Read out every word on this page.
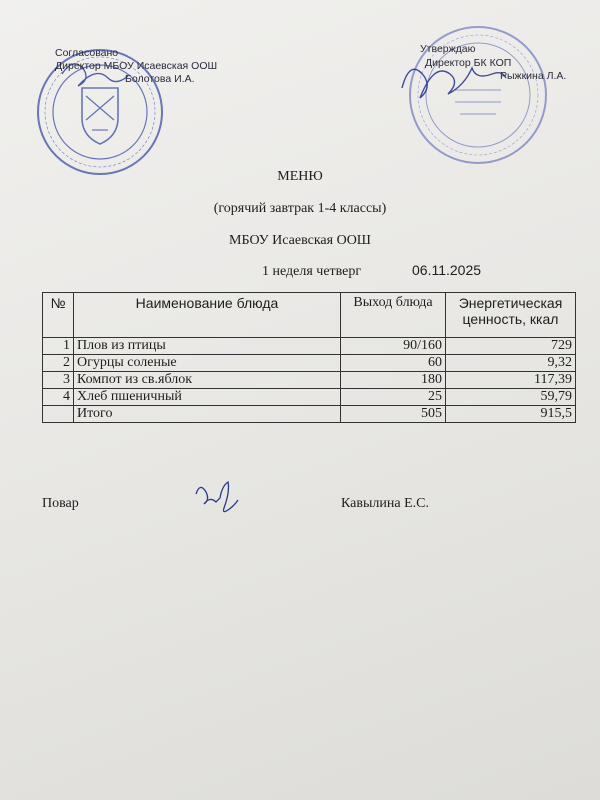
Согласовано
Директор МБОУ Исаевская ООШ
Болотова И.А.
Утверждаю
Директор БК КОП
Рыжкина Л.А.
МЕНЮ
(горячий завтрак 1-4 классы)
МБОУ Исаевская ООШ
1 неделя четверг	06.11.2025
№	Наименование блюда	Выход блюда	Энергетическая
ценность, ккал

1	Плов из птицы	90/160	729
2	Огурцы соленые	60	9,32
3	Компот из св.яблок	180	117,39
4	Хлеб пшеничный	25	59,79
	Итого	505	915,5
Повар	Кавылина Е.С.
